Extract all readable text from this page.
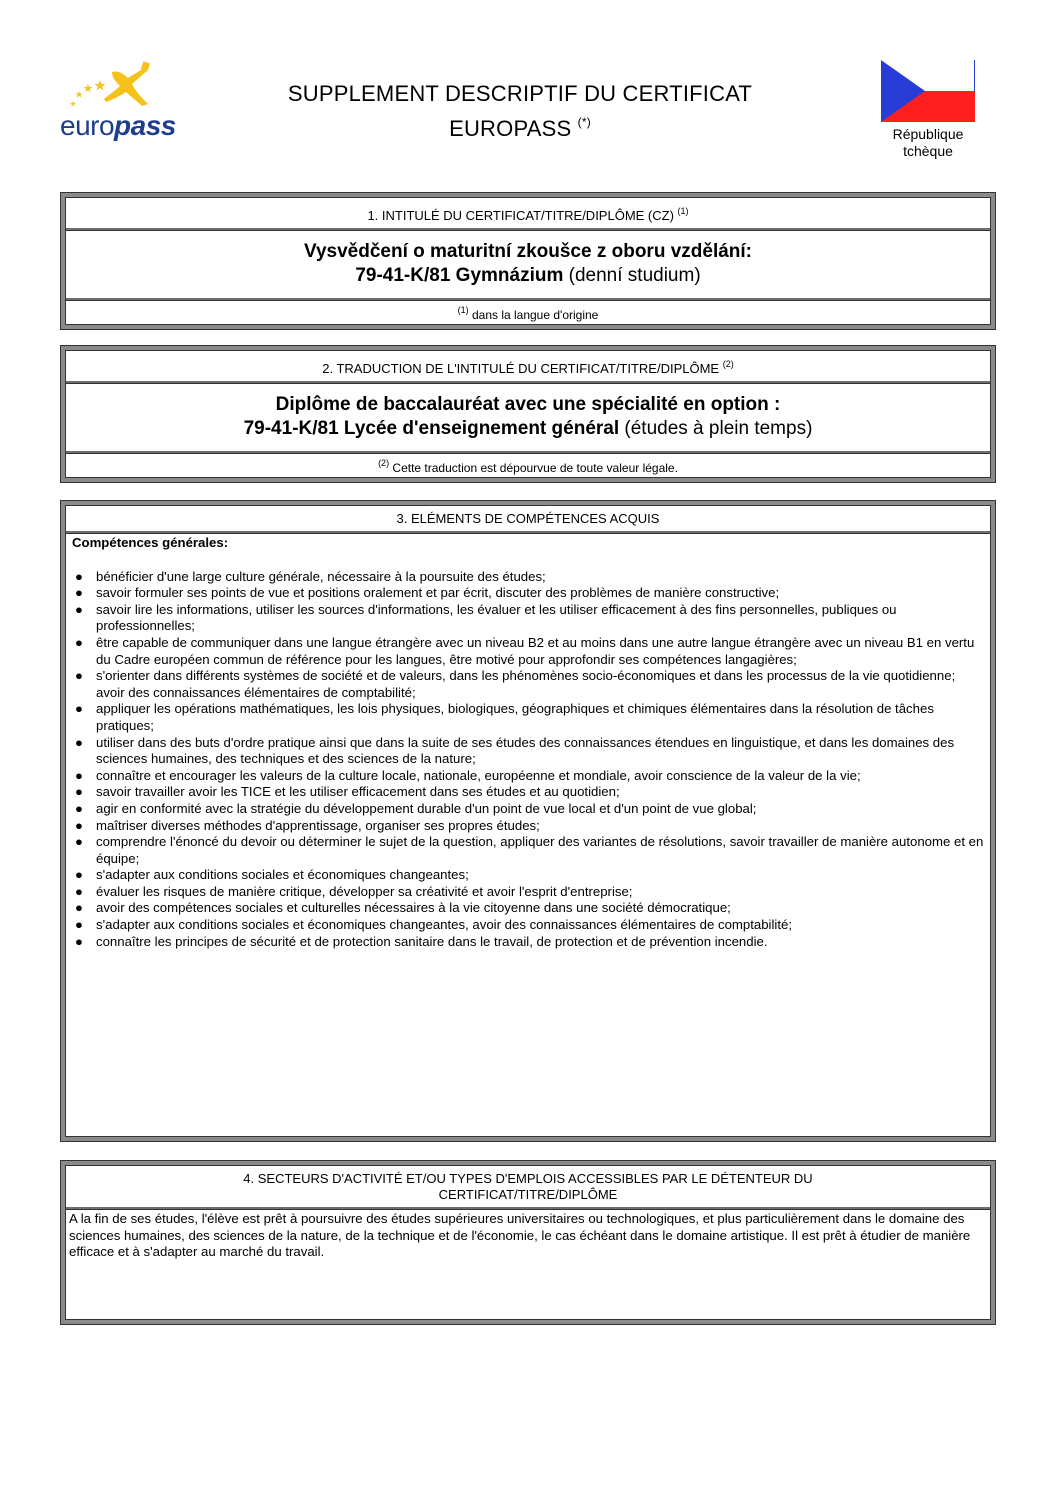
europass
SUPPLEMENT DESCRIPTIF DU CERTIFICAT
EUROPASS (*)
République
tchèque
1. INTITULÉ DU CERTIFICAT/TITRE/DIPLÔME (CZ) $^{(1)}$
Vysvědčení o maturitní zkoušce z oboru vzdělání:
79-41-K/81 Gymnázium (denní studium)
$^{(1)}$ dans la langue d'origine
2. TRADUCTION DE L'INTITULÉ DU CERTIFICAT/TITRE/DIPLÔME $^{(2)}$
Diplôme de baccalauréat avec une spécialité en option :
79-41-K/81 Lycée d'enseignement général (études à plein temps)
$^{(2)}$ Cette traduction est dépourvue de toute valeur légale.
3. ELÉMENTS DE COMPÉTENCES ACQUIS
Compétences générales:
● bénéficier d'une large culture générale, nécessaire à la poursuite des études;
● savoir formuler ses points de vue et positions oralement et par écrit, discuter des problèmes de manière constructive;
● savoir lire les informations, utiliser les sources d'informations, les évaluer et les utiliser efficacement à des fins personnelles, publiques ou professionnelles;
● être capable de communiquer dans une langue étrangère avec un niveau B2 et au moins dans une autre langue étrangère avec un niveau B1 en vertu du Cadre européen commun de référence pour les langues, être motivé pour approfondir ses compétences langagières;
● s'orienter dans différents systèmes de société et de valeurs, dans les phénomènes socio-économiques et dans les processus de la vie quotidienne; avoir des connaissances élémentaires de comptabilité;
● appliquer les opérations mathématiques, les lois physiques, biologiques, géographiques et chimiques élémentaires dans la résolution de tâches pratiques;
● utiliser dans des buts d'ordre pratique ainsi que dans la suite de ses études des connaissances étendues en linguistique, et dans les domaines des sciences humaines, des techniques et des sciences de la nature;
● connaître et encourager les valeurs de la culture locale, nationale, européenne et mondiale, avoir conscience de la valeur de la vie;
● savoir travailler avoir les TICE et les utiliser efficacement dans ses études et au quotidien;
● agir en conformité avec la stratégie du développement durable d'un point de vue local et d'un point de vue global;
● maîtriser diverses méthodes d'apprentissage, organiser ses propres études;
● comprendre l'énoncé du devoir ou déterminer le sujet de la question, appliquer des variantes de résolutions, savoir travailler de manière autonome et en équipe;
● s'adapter aux conditions sociales et économiques changeantes;
● évaluer les risques de manière critique, développer sa créativité et avoir l'esprit d'entreprise;
● avoir des compétences sociales et culturelles nécessaires à la vie citoyenne dans une société démocratique;
● s'adapter aux conditions sociales et économiques changeantes, avoir des connaissances élémentaires de comptabilité;
● connaître les principes de sécurité et de protection sanitaire dans le travail, de protection et de prévention incendie.
4. SECTEURS D'ACTIVITÉ ET/OU TYPES D'EMPLOIS ACCESSIBLES PAR LE DÉTENTEUR DU
CERTIFICAT/TITRE/DIPLÔME
A la fin de ses études, l'élève est prêt à poursuivre des études supérieures universitaires ou technologiques, et plus particulièrement dans le domaine des sciences humaines, des sciences de la nature, de la technique et de l'économie, le cas échéant dans le domaine artistique. Il est prêt à étudier de manière efficace et à s'adapter au marché du travail.
